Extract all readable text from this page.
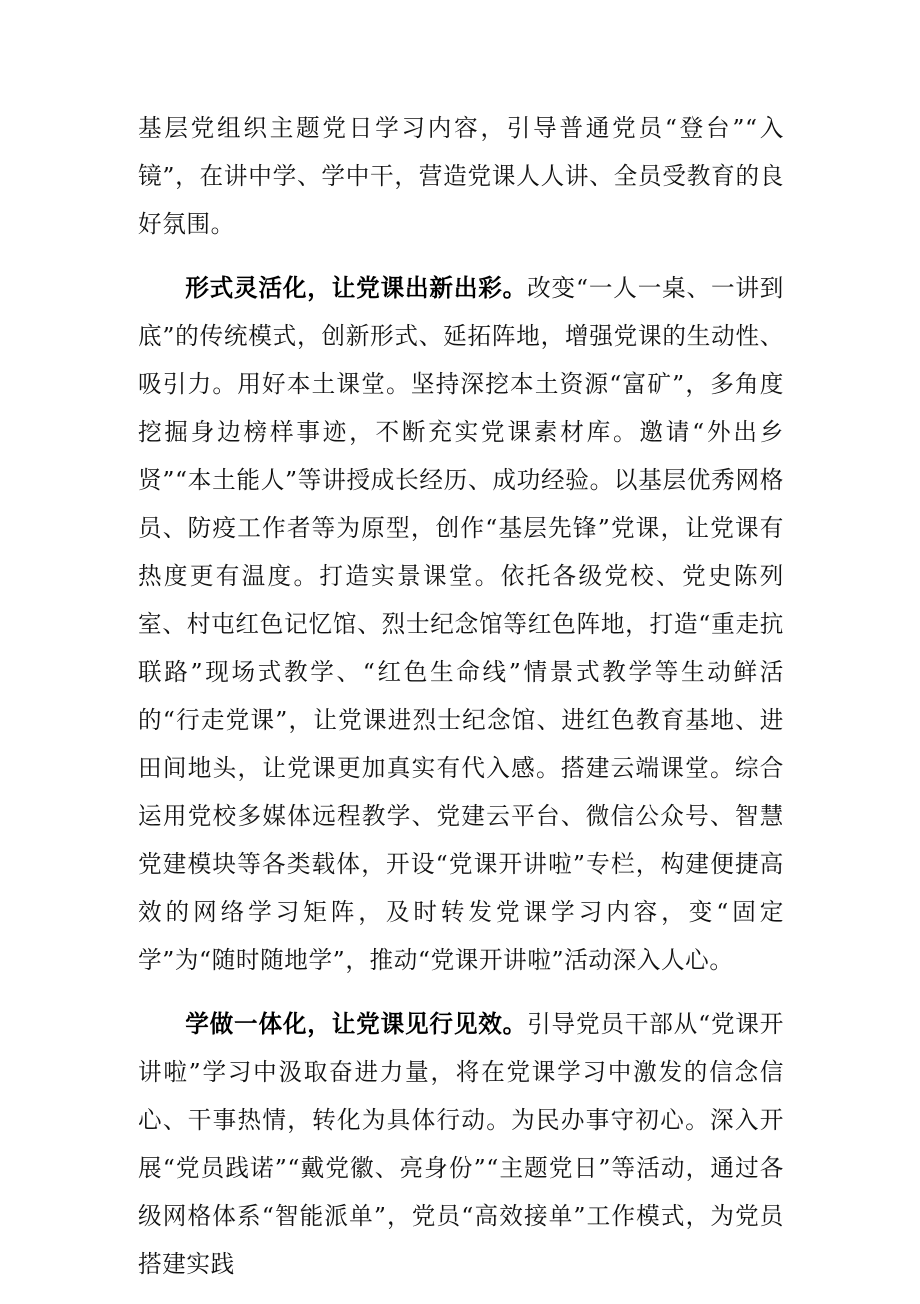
基层党组织主题党日学习内容，引导普通党员“登台”“入镜”，在讲中学、学中干，营造党课人人讲、全员受教育的良好氛围。

形式灵活化，让党课出新出彩。改变“一人一桌、一讲到底”的传统模式，创新形式、延拓阵地，增强党课的生动性、吸引力。用好本土课堂。坚持深挖本土资源“富矿”，多角度挖掘身边榜样事迹，不断充实党课素材库。邀请“外出乡贤”“本土能人”等讲授成长经历、成功经验。以基层优秀网格员、防疫工作者等为原型，创作“基层先锋”党课，让党课有热度更有温度。打造实景课堂。依托各级党校、党史陈列室、村屯红色记忆馆、烈士纪念馆等红色阵地，打造“重走抗联路”现场式教学、“红色生命线”情景式教学等生动鲜活的“行走党课”，让党课进烈士纪念馆、进红色教育基地、进田间地头，让党课更加真实有代入感。搭建云端课堂。综合运用党校多媒体远程教学、党建云平台、微信公众号、智慧党建模块等各类载体，开设“党课开讲啦”专栏，构建便捷高效的网络学习矩阵，及时转发党课学习内容，变“固定学”为“随时随地学”，推动“党课开讲啦”活动深入人心。

学做一体化，让党课见行见效。引导党员干部从“党课开讲啦”学习中汲取奋进力量，将在党课学习中激发的信念信心、干事热情，转化为具体行动。为民办事守初心。深入开展“党员践诺”“戴党徽、亮身份”“主题党日”等活动，通过各级网格体系“智能派单”，党员“高效接单”工作模式，为党员搭建实践
